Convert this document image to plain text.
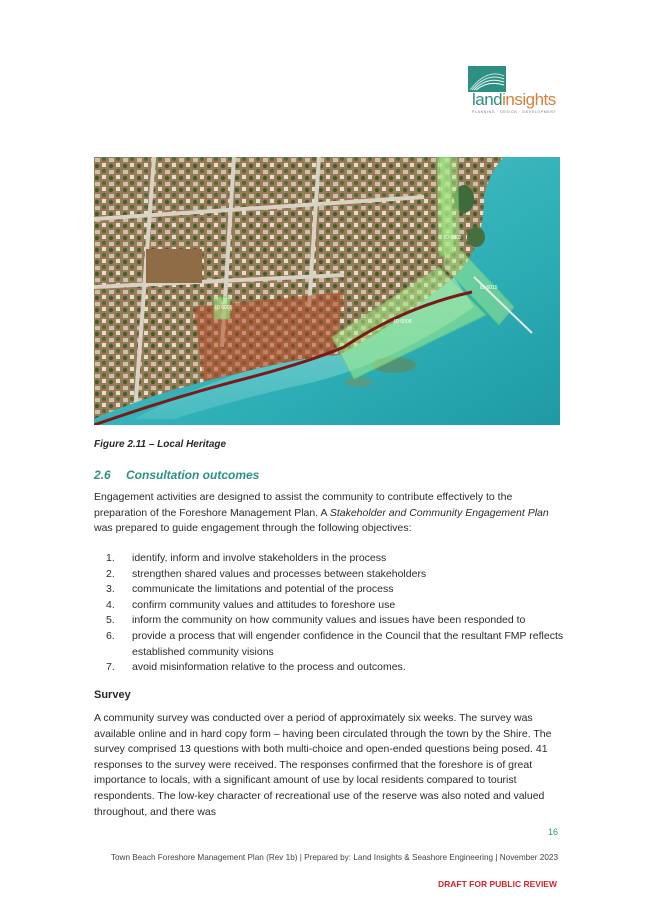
landinsights
PLANNING · DESIGN · DEVELOPMENT
ID 0003
ID 6015
ID 6008
ID 6005
Figure 2.11 – Local Heritage
2.6 Consultation outcomes

Engagement activities are designed to assist the community to contribute effectively to the preparation of the Foreshore Management Plan. A Stakeholder and Community Engagement Plan was prepared to guide engagement through the following objectives:

1.	identify, inform and involve stakeholders in the process
2.	strengthen shared values and processes between stakeholders
3.	communicate the limitations and potential of the process
4.	confirm community values and attitudes to foreshore use
5.	inform the community on how community values and issues have been responded to
6.	provide a process that will engender confidence in the Council that the resultant FMP reflects established community visions
7.	avoid misinformation relative to the process and outcomes.
Survey

A community survey was conducted over a period of approximately six weeks. The survey was available online and in hard copy form – having been circulated through the town by the Shire. The survey comprised 13 questions with both multi-choice and open-ended questions being posed. 41 responses to the survey were received. The responses confirmed that the foreshore is of great importance to locals, with a significant amount of use by local residents compared to tourist respondents. The low-key character of recreational use of the reserve was also noted and valued throughout, and there was

16
Town Beach Foreshore Management Plan (Rev 1b) | Prepared by: Land Insights & Seashore Engineering | November 2023
DRAFT FOR PUBLIC REVIEW
